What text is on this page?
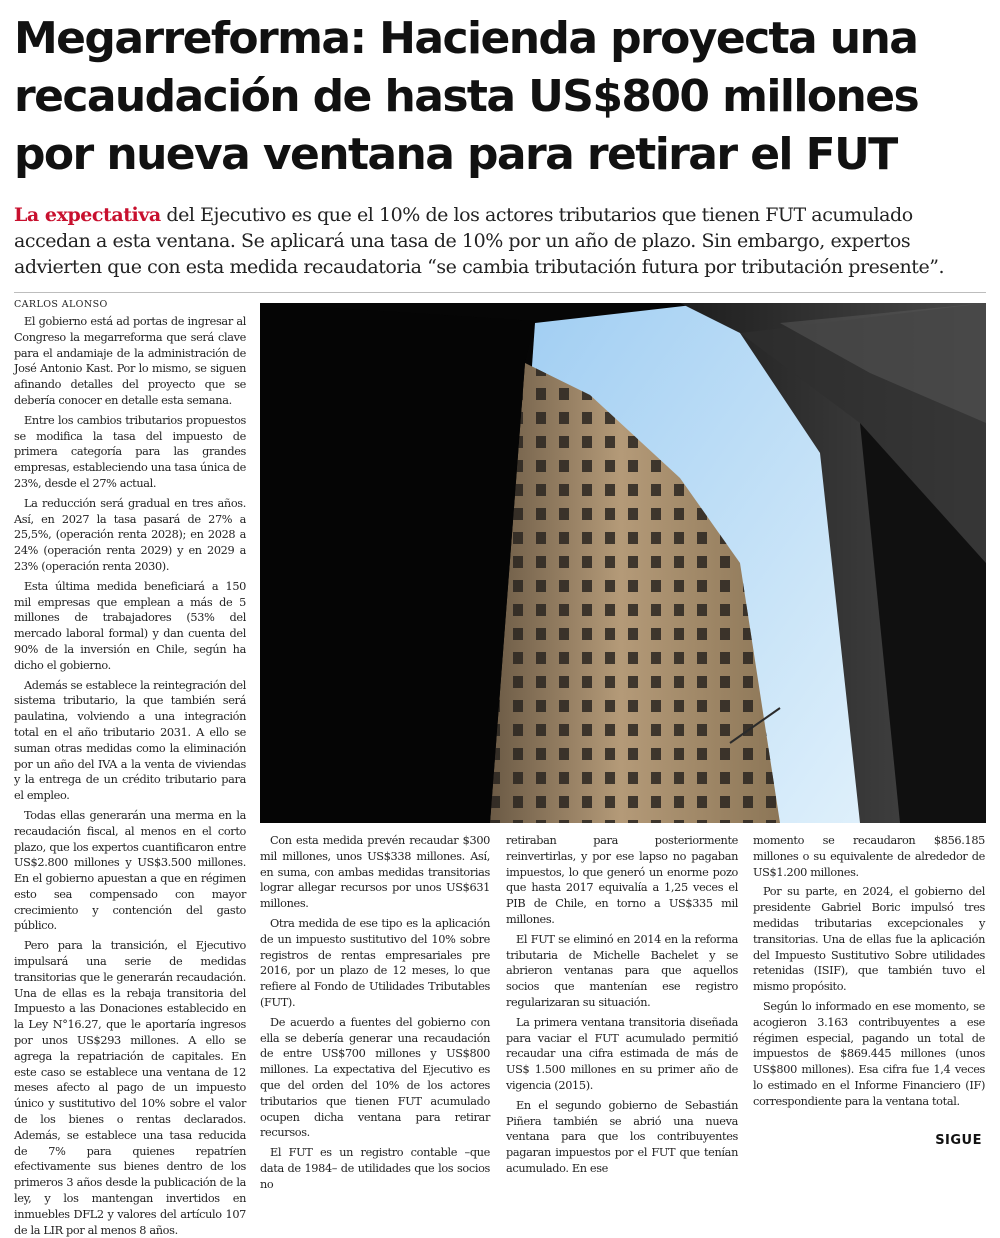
Megarreforma: Hacienda proyecta una recaudación de hasta US$800 millones por nueva ventana para retirar el FUT

La expectativa del Ejecutivo es que el 10% de los actores tributarios que tienen FUT acumulado accedan a esta ventana. Se aplicará una tasa de 10% por un año de plazo. Sin embargo, expertos advierten que con esta medida recaudatoria “se cambia tributación futura por tributación presente”.

CARLOS ALONSO

El gobierno está ad portas de ingresar al Congreso la megarreforma que será clave para el andamiaje de la administración de José Antonio Kast. Por lo mismo, se siguen afinando detalles del proyecto que se debería conocer en detalle esta semana.

Entre los cambios tributarios propuestos se modifica la tasa del impuesto de primera categoría para las grandes empresas, estableciendo una tasa única de 23%, desde el 27% actual.

La reducción será gradual en tres años. Así, en 2027 la tasa pasará de 27% a 25,5%, (operación renta 2028); en 2028 a 24% (operación renta 2029) y en 2029 a 23% (operación renta 2030).

Esta última medida beneficiará a 150 mil empresas que emplean a más de 5 millones de trabajadores (53% del mercado laboral formal) y dan cuenta del 90% de la inversión en Chile, según ha dicho el gobierno.

Además se establece la reintegración del sistema tributario, la que también será paulatina, volviendo a una integración total en el año tributario 2031. A ello se suman otras medidas como la eliminación por un año del IVA a la venta de viviendas y la entrega de un crédito tributario para el empleo.

Todas ellas generarán una merma en la recaudación fiscal, al menos en el corto plazo, que los expertos cuantificaron entre US$2.800 millones y US$3.500 millones. En el gobierno apuestan a que en régimen esto sea compensado con mayor crecimiento y contención del gasto público.

Pero para la transición, el Ejecutivo impulsará una serie de medidas transitorias que le generarán recaudación. Una de ellas es la rebaja transitoria del Impuesto a las Donaciones establecido en la Ley N°16.27, que le aportaría ingresos por unos US$293 millones. A ello se agrega la repatriación de capitales. En este caso se establece una ventana de 12 meses afecto al pago de un impuesto único y sustitutivo del 10% sobre el valor de los bienes o rentas declarados. Además, se establece una tasa reducida de 7% para quienes repatríen efectivamente sus bienes dentro de los primeros 3 años desde la publicación de la ley, y los mantengan invertidos en inmuebles DFL2 y valores del artículo 107 de la LIR por al menos 8 años.

Con esta medida prevén recaudar $300 mil millones, unos US$338 millones. Así, en suma, con ambas medidas transitorias lograr allegar recursos por unos US$631 millones.

Otra medida de ese tipo es la aplicación de un impuesto sustitutivo del 10% sobre registros de rentas empresariales pre 2016, por un plazo de 12 meses, lo que refiere al Fondo de Utilidades Tributables (FUT).

De acuerdo a fuentes del gobierno con ella se debería generar una recaudación de entre US$700 millones y US$800 millones. La expectativa del Ejecutivo es que del orden del 10% de los actores tributarios que tienen FUT acumulado ocupen dicha ventana para retirar recursos.

El FUT es un registro contable –que data de 1984– de utilidades que los socios no

retiraban para posteriormente reinvertirlas, y por ese lapso no pagaban impuestos, lo que generó un enorme pozo que hasta 2017 equivalía a 1,25 veces el PIB de Chile, en torno a US$335 mil millones.

El FUT se eliminó en 2014 en la reforma tributaria de Michelle Bachelet y se abrieron ventanas para que aquellos socios que mantenían ese registro regularizaran su situación.

La primera ventana transitoria diseñada para vaciar el FUT acumulado permitió recaudar una cifra estimada de más de US$ 1.500 millones en su primer año de vigencia (2015).

En el segundo gobierno de Sebastián Piñera también se abrió una nueva ventana para que los contribuyentes pagaran impuestos por el FUT que tenían acumulado. En ese

momento se recaudaron $856.185 millones o su equivalente de alrededor de US$1.200 millones.

Por su parte, en 2024, el gobierno del presidente Gabriel Boric impulsó tres medidas tributarias excepcionales y transitorias. Una de ellas fue la aplicación del Impuesto Sustitutivo Sobre utilidades retenidas (ISIF), que también tuvo el mismo propósito.

Según lo informado en ese momento, se acogieron 3.163 contribuyentes a ese régimen especial, pagando un total de impuestos de $869.445 millones (unos US$800 millones). Esa cifra fue 1,4 veces lo estimado en el Informe Financiero (IF) correspondiente para la ventana total.

SIGUE
